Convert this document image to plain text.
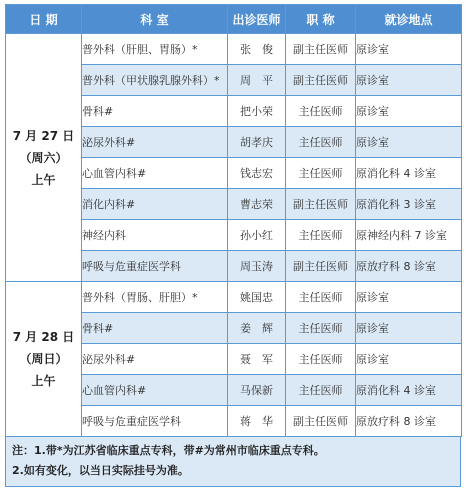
日 期	科 室	出诊医师	职 称	就诊地点

7 月 27 日
（周六）
上午	普外科（肝胆、胃肠）*	张　俊	副主任医师	原诊室
	普外科（甲状腺乳腺外科）*	周　平	副主任医师	原诊室
	骨科#	把小荣	主任医师	原诊室
	泌尿外科#	胡孝庆	主任医师	原诊室
	心血管内科#	钱志宏	主任医师	原消化科 4 诊室
	消化内科#	曹志荣	副主任医师	原消化科 3 诊室
	神经内科	孙小红	主任医师	原神经内科 7 诊室
	呼吸与危重症医学科	周玉涛	副主任医师	原放疗科 8 诊室

7 月 28 日
（周日）
上午	普外科（胃肠、肝胆）*	姚国忠	主任医师	原诊室
	骨科#	姜　辉	主任医师	原诊室
	泌尿外科#	聂　军	主任医师	原诊室
	心血管内科#	马保新	主任医师	原消化科 4 诊室
	呼吸与危重症医学科	蒋　华	副主任医师	原放疗科 8 诊室
注：1.带*为江苏省临床重点专科，带#为常州市临床重点专科。
2.如有变化，以当日实际挂号为准。
